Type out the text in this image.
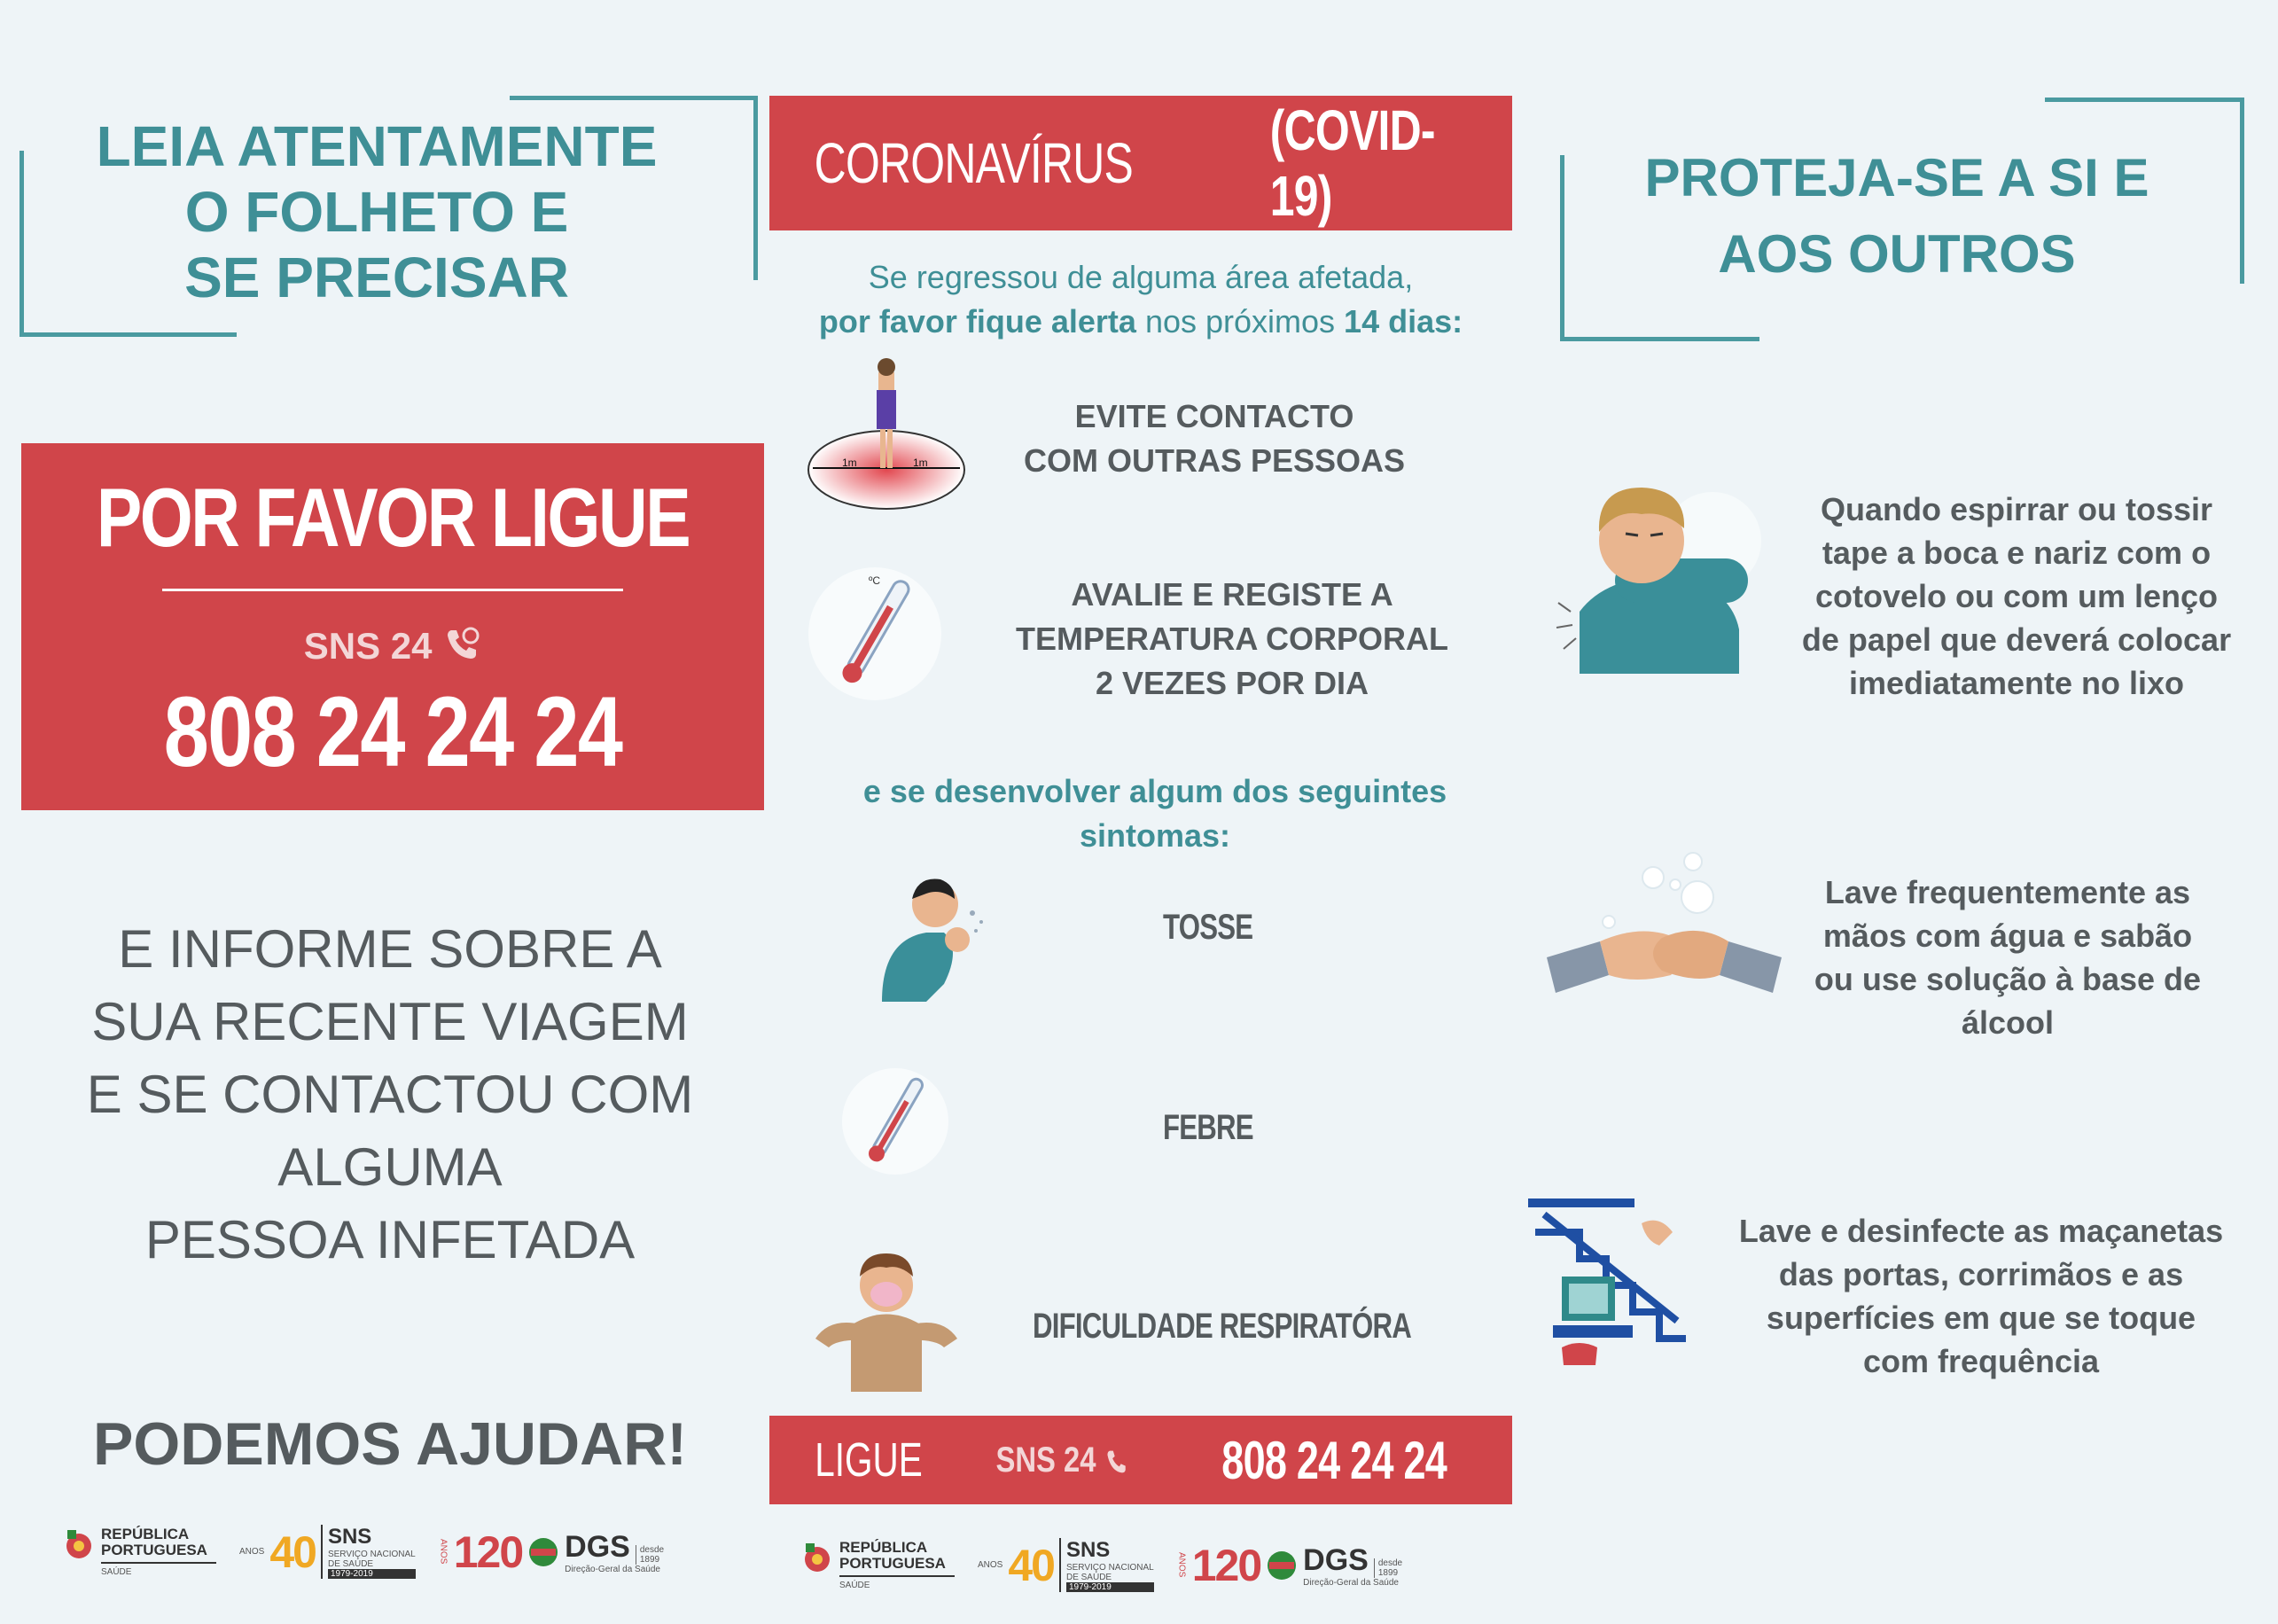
LEIA ATENTAMENTE
O FOLHETO E
SE PRECISAR
POR FAVOR LIGUE
SNS 24
808 24 24 24
E INFORME SOBRE A
SUA RECENTE VIAGEM
E SE CONTACTOU COM
ALGUMA
PESSOA INFETADA
PODEMOS AJUDAR!
REPÚBLICA
PORTUGUESA
SAÚDE
ANOS 40 SNS
SERVIÇO NACIONAL
DE SAÚDE
1979-2019
ANOS 120 DGS desde
1899
Direção-Geral da Saúde
CORONAVÍRUS
(COVID-19)
Se regressou de alguma área afetada,
por favor fique alerta nos próximos 14 dias:
1m	1m
EVITE CONTACTO
COM OUTRAS PESSOAS
ºC	AVALIE E REGISTE A
TEMPERATURA CORPORAL
2 VEZES POR DIA
e se desenvolver algum dos seguintes
sintomas:
TOSSE
FEBRE
DIFICULDADE RESPIRATÓRA
LIGUE SNS 24	808 24 24 24
REPÚBLICA
PORTUGUESA
SAÚDE
ANOS 40 SNS
SERVIÇO NACIONAL
DE SAÚDE
1979-2019
ANOS 120 DGS desde
1899
Direção-Geral da Saúde
PROTEJA-SE A SI E
AOS OUTROS
Quando espirrar ou tossir
tape a boca e nariz com o
cotovelo ou com um lenço
de papel que deverá colocar
imediatamente no lixo
Lave frequentemente as
mãos com água e sabão
ou use solução à base de
álcool
Lave e desinfecte as maçanetas
das portas, corrimãos e as
superfícies em que se toque
com frequência
